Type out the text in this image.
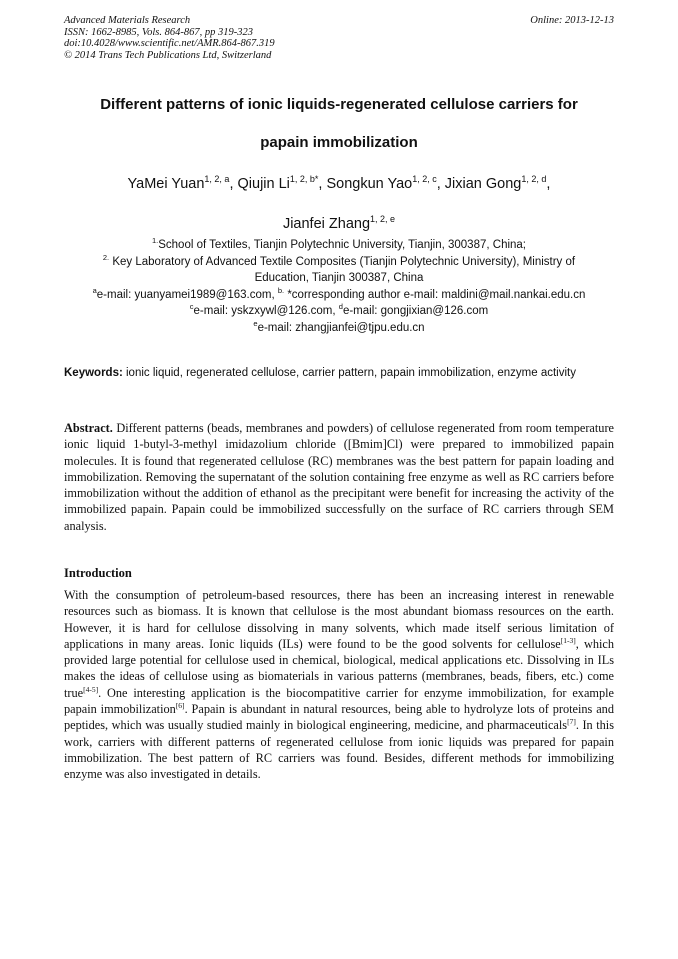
Advanced Materials Research
ISSN: 1662-8985, Vols. 864-867, pp 319-323
doi:10.4028/www.scientific.net/AMR.864-867.319
© 2014 Trans Tech Publications Ltd, Switzerland
Online: 2013-12-13
Different patterns of ionic liquids-regenerated cellulose carriers for
papain immobilization
YaMei Yuan$^{1, 2, a}$, Qiujin $Li^{1, 2, b*}$, Songkun Yao$^{1, 2, c}$, Jixian Gong$^{1, 2, d}$,
Jianfei Zhang$^{1, 2, e}$
$^{1.}$School of Textiles, Tianjin Polytechnic University, Tianjin, 300387, China;
$^{2.}$ Key Laboratory of Advanced Textile Composites (Tianjin Polytechnic University), Ministry of
Education, Tianjin 300387, China
$^a$e-mail: yuanyamei1989@163.com, $^{b.}$ *corresponding author e-mail: maldini@mail.nankai.edu.cn
$^c$e-mail: yskzxywl@126.com, $^d$e-mail: gongjixian@126.com
$^e$e-mail: zhangjianfei@tjpu.edu.cn
Keywords: ionic liquid, regenerated cellulose, carrier pattern, papain immobilization, enzyme activity
Abstract. Different patterns (beads, membranes and powders) of cellulose regenerated from room temperature ionic liquid 1-butyl-3-methyl imidazolium chloride ([Bmim]Cl) were prepared to immobilized papain molecules. It is found that regenerated cellulose (RC) membranes was the best pattern for papain loading and immobilization. Removing the supernatant of the solution containing free enzyme as well as RC carriers before immobilization without the addition of ethanol as the precipitant were benefit for increasing the activity of the immobilized papain. Papain could be immobilized successfully on the surface of RC carriers through SEM analysis.
Introduction
With the consumption of petroleum-based resources, there has been an increasing interest in renewable resources such as biomass. It is known that cellulose is the most abundant biomass resources on the earth. However, it is hard for cellulose dissolving in many solvents, which made itself serious limitation of applications in many areas. Ionic liquids (ILs) were found to be the good solvents for cellulose[1-3], which provided large potential for cellulose used in chemical, biological, medical applications etc. Dissolving in ILs makes the ideas of cellulose using as biomaterials in various patterns (membranes, beads, fibers, etc.) come true[4-5]. One interesting application is the biocompatitive carrier for enzyme immobilization, for example papain immobilization[6]. Papain is abundant in natural resources, being able to hydrolyze lots of proteins and peptides, which was usually studied mainly in biological engineering, medicine, and pharmaceuticals[7]. In this work, carriers with different patterns of regenerated cellulose from ionic liquids was prepared for papain immobilization. The best pattern of RC carriers was found. Besides, different methods for immobilizing enzyme was also investigated in details.
